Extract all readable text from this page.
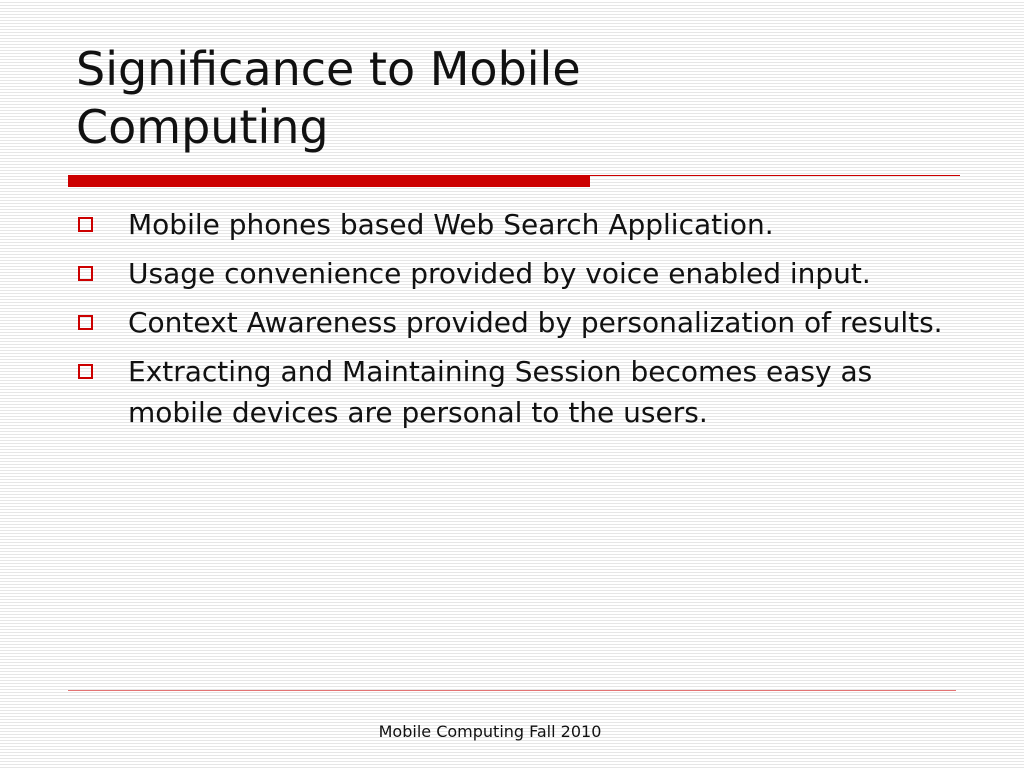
Significance to Mobile
Computing
Mobile phones based Web Search Application.
Usage convenience provided by voice enabled input.
Context Awareness provided by personalization of results.
Extracting and Maintaining Session becomes easy as mobile devices are personal to the users.
Mobile Computing Fall 2010
